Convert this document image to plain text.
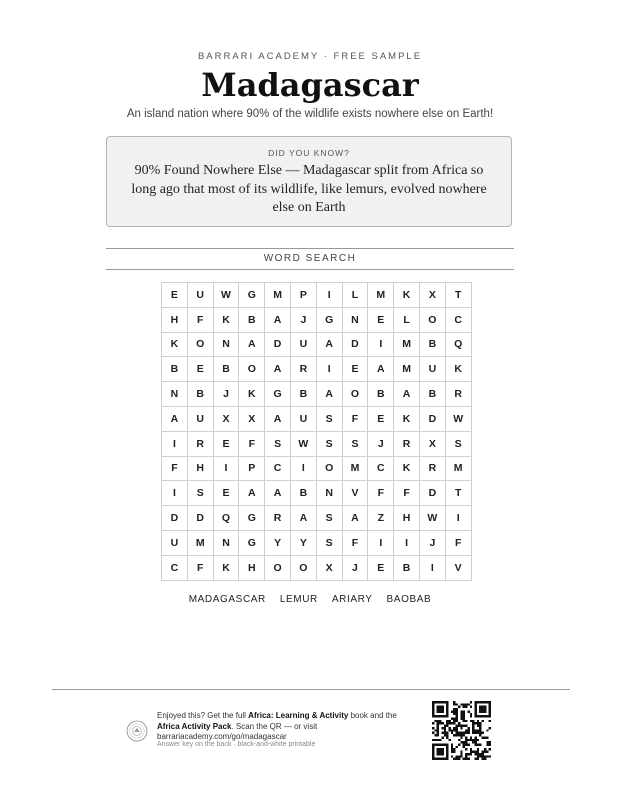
BARRARI ACADEMY · FREE SAMPLE
Madagascar
An island nation where 90% of the wildlife exists nowhere else on Earth!
DID YOU KNOW?
90% Found Nowhere Else — Madagascar split from Africa so long ago that most of its wildlife, like lemurs, evolved nowhere else on Earth
WORD SEARCH
E	U	W	G	M	P	I	L	M	K	X	T
H	F	K	B	A	J	G	N	E	L	O	C
K	O	N	A	D	U	A	D	I	M	B	Q
B	E	B	O	A	R	I	E	A	M	U	K
N	B	J	K	G	B	A	O	B	A	B	R
A	U	X	X	A	U	S	F	E	K	D	W
I	R	E	F	S	W	S	S	J	R	X	S
F	H	I	P	C	I	O	M	C	K	R	M
I	S	E	A	A	B	N	V	F	F	D	T
D	D	Q	G	R	A	S	A	Z	H	W	I
U	M	N	G	Y	Y	S	F	I	I	J	F
C	F	K	H	O	O	X	J	E	B	I	V
MADAGASCAR LEMUR ARIARY BAOBAB
Enjoyed this? Get the full Africa: Learning & Activity book and the Africa Activity Pack. Scan the QR — or visit barrariacademy.com/go/madagascar
Answer key on the back · black-and-white printable
